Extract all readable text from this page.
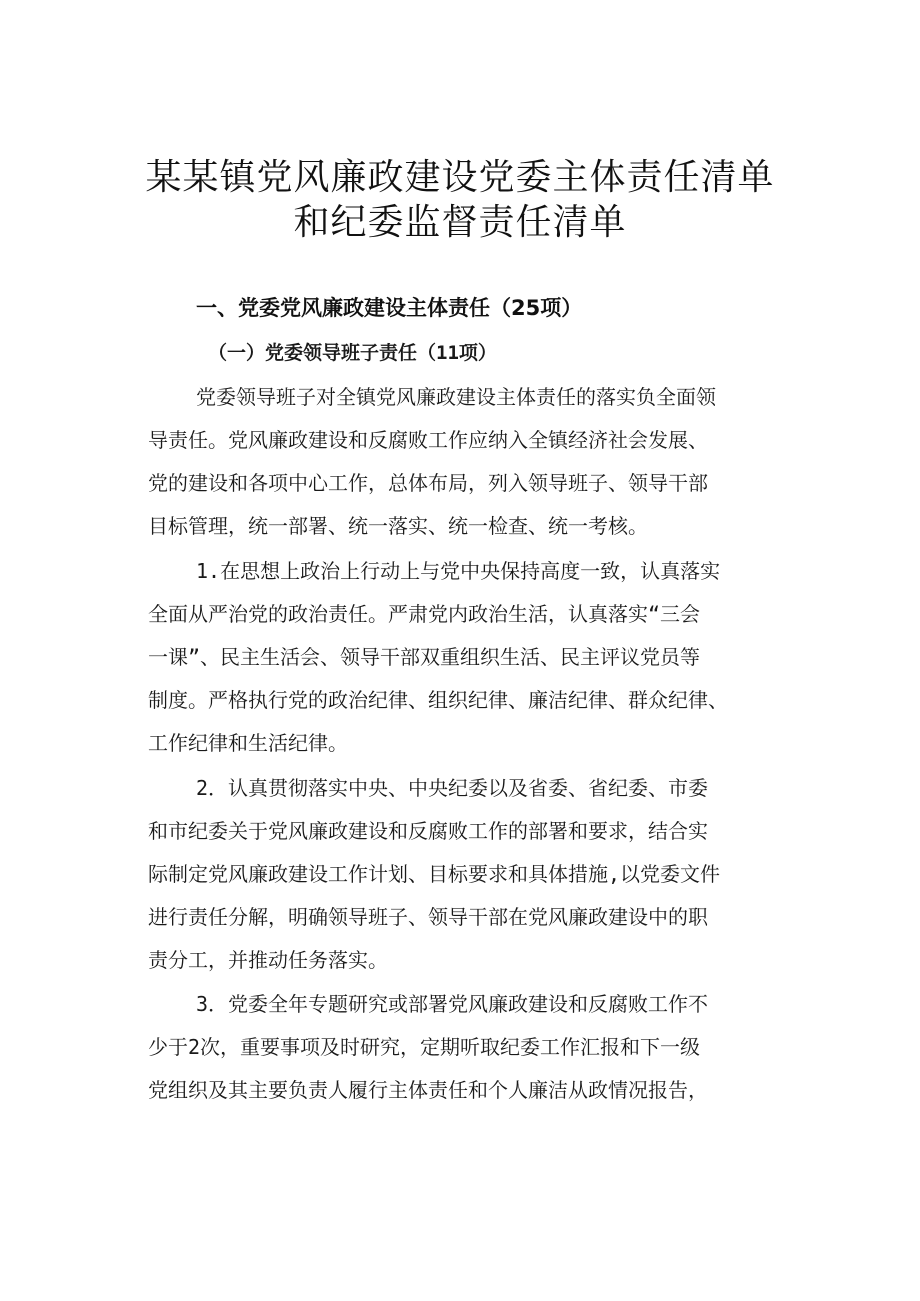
某某镇党风廉政建设党委主体责任清单
和纪委监督责任清单
一、党委党风廉政建设主体责任（25项）
（一）党委领导班子责任（11项）

党委领导班子对全镇党风廉政建设主体责任的落实负全面领

导责任。党风廉政建设和反腐败工作应纳入全镇经济社会发展、

党的建设和各项中心工作，总体布局，列入领导班子、领导干部

目标管理，统一部署、统一落实、统一检查、统一考核。

1.在思想上政治上行动上与党中央保持高度一致，认真落实

全面从严治党的政治责任。严肃党内政治生活，认真落实“三会

一课”、民主生活会、领导干部双重组织生活、民主评议党员等

制度。严格执行党的政治纪律、组织纪律、廉洁纪律、群众纪律、

工作纪律和生活纪律。

2．认真贯彻落实中央、中央纪委以及省委、省纪委、市委

和市纪委关于党风廉政建设和反腐败工作的部署和要求，结合实

际制定党风廉政建设工作计划、目标要求和具体措施,以党委文件

进行责任分解，明确领导班子、领导干部在党风廉政建设中的职

责分工，并推动任务落实。

3．党委全年专题研究或部署党风廉政建设和反腐败工作不

少于2次，重要事项及时研究，定期听取纪委工作汇报和下一级

党组织及其主要负责人履行主体责任和个人廉洁从政情况报告，
